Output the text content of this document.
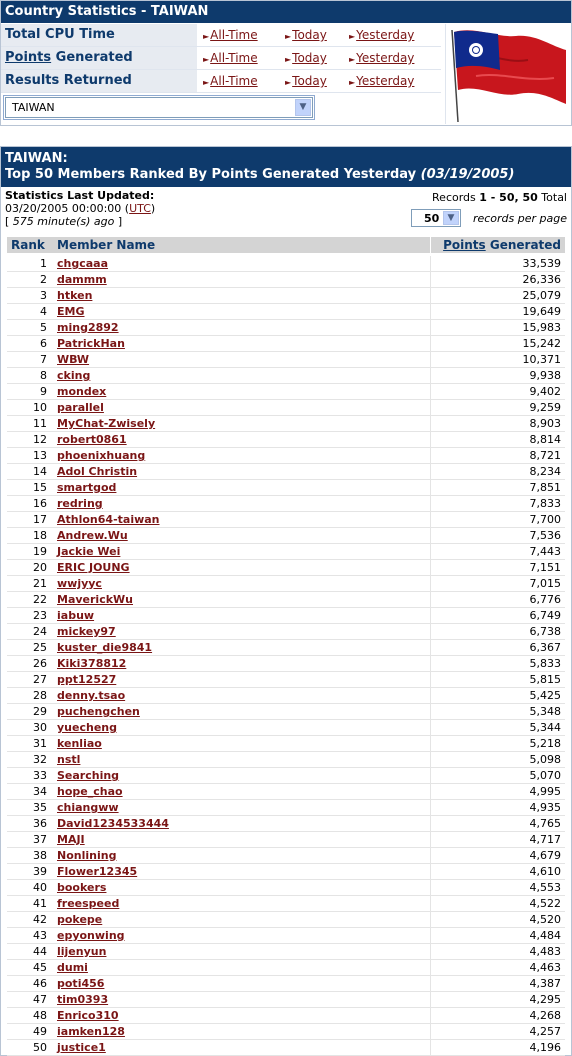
Country Statistics - TAIWAN
Total CPU Time	►All-Time	►Today	►Yesterday
Points Generated	►All-Time	►Today	►Yesterday
Results Returned	►All-Time	►Today	►Yesterday
TAIWAN	▼
TAIWAN:
Top 50 Members Ranked By Points Generated Yesterday (03/19/2005)
Statistics Last Updated:
03/20/2005 00:00:00 (UTC)
[ 575 minute(s) ago ]
Records 1 - 50, 50 Total
50 ▼	records per page
Rank Member Name	Points Generated
1 chgcaaa	33,539
2 dammm	26,336
3 htken	25,079
4 EMG	19,649
5 ming2892	15,983
6 PatrickHan	15,242
7 WBW	10,371
8 cking	9,938
9 mondex	9,402
10 parallel	9,259
11 MyChat-Zwisely	8,903
12 robert0861	8,814
13 phoenixhuang	8,721
14 Adol Christin	8,234
15 smartgod	7,851
16 redring	7,833
17 Athlon64-taiwan	7,700
18 Andrew.Wu	7,536
19 Jackie Wei	7,443
20 ERIC JOUNG	7,151
21 wwjyyc	7,015
22 MaverickWu	6,776
23 iabuw	6,749
24 mickey97	6,738
25 kuster_die9841	6,367
26 Kiki378812	5,833
27 ppt12527	5,815
28 denny.tsao	5,425
29 puchengchen	5,348
30 yuecheng	5,344
31 kenliao	5,218
32 nstl	5,098
33 Searching	5,070
34 hope_chao	4,995
35 chiangww	4,935
36 David1234533444	4,765
37 MAJI	4,717
38 Nonlining	4,679
39 Flower12345	4,610
40 bookers	4,553
41 freespeed	4,522
42 pokepe	4,520
43 epyonwing	4,484
44 lijenyun	4,483
45 dumi	4,463
46 poti456	4,387
47 tim0393	4,295
48 Enrico310	4,268
49 iamken128	4,257
50 justice1	4,196
